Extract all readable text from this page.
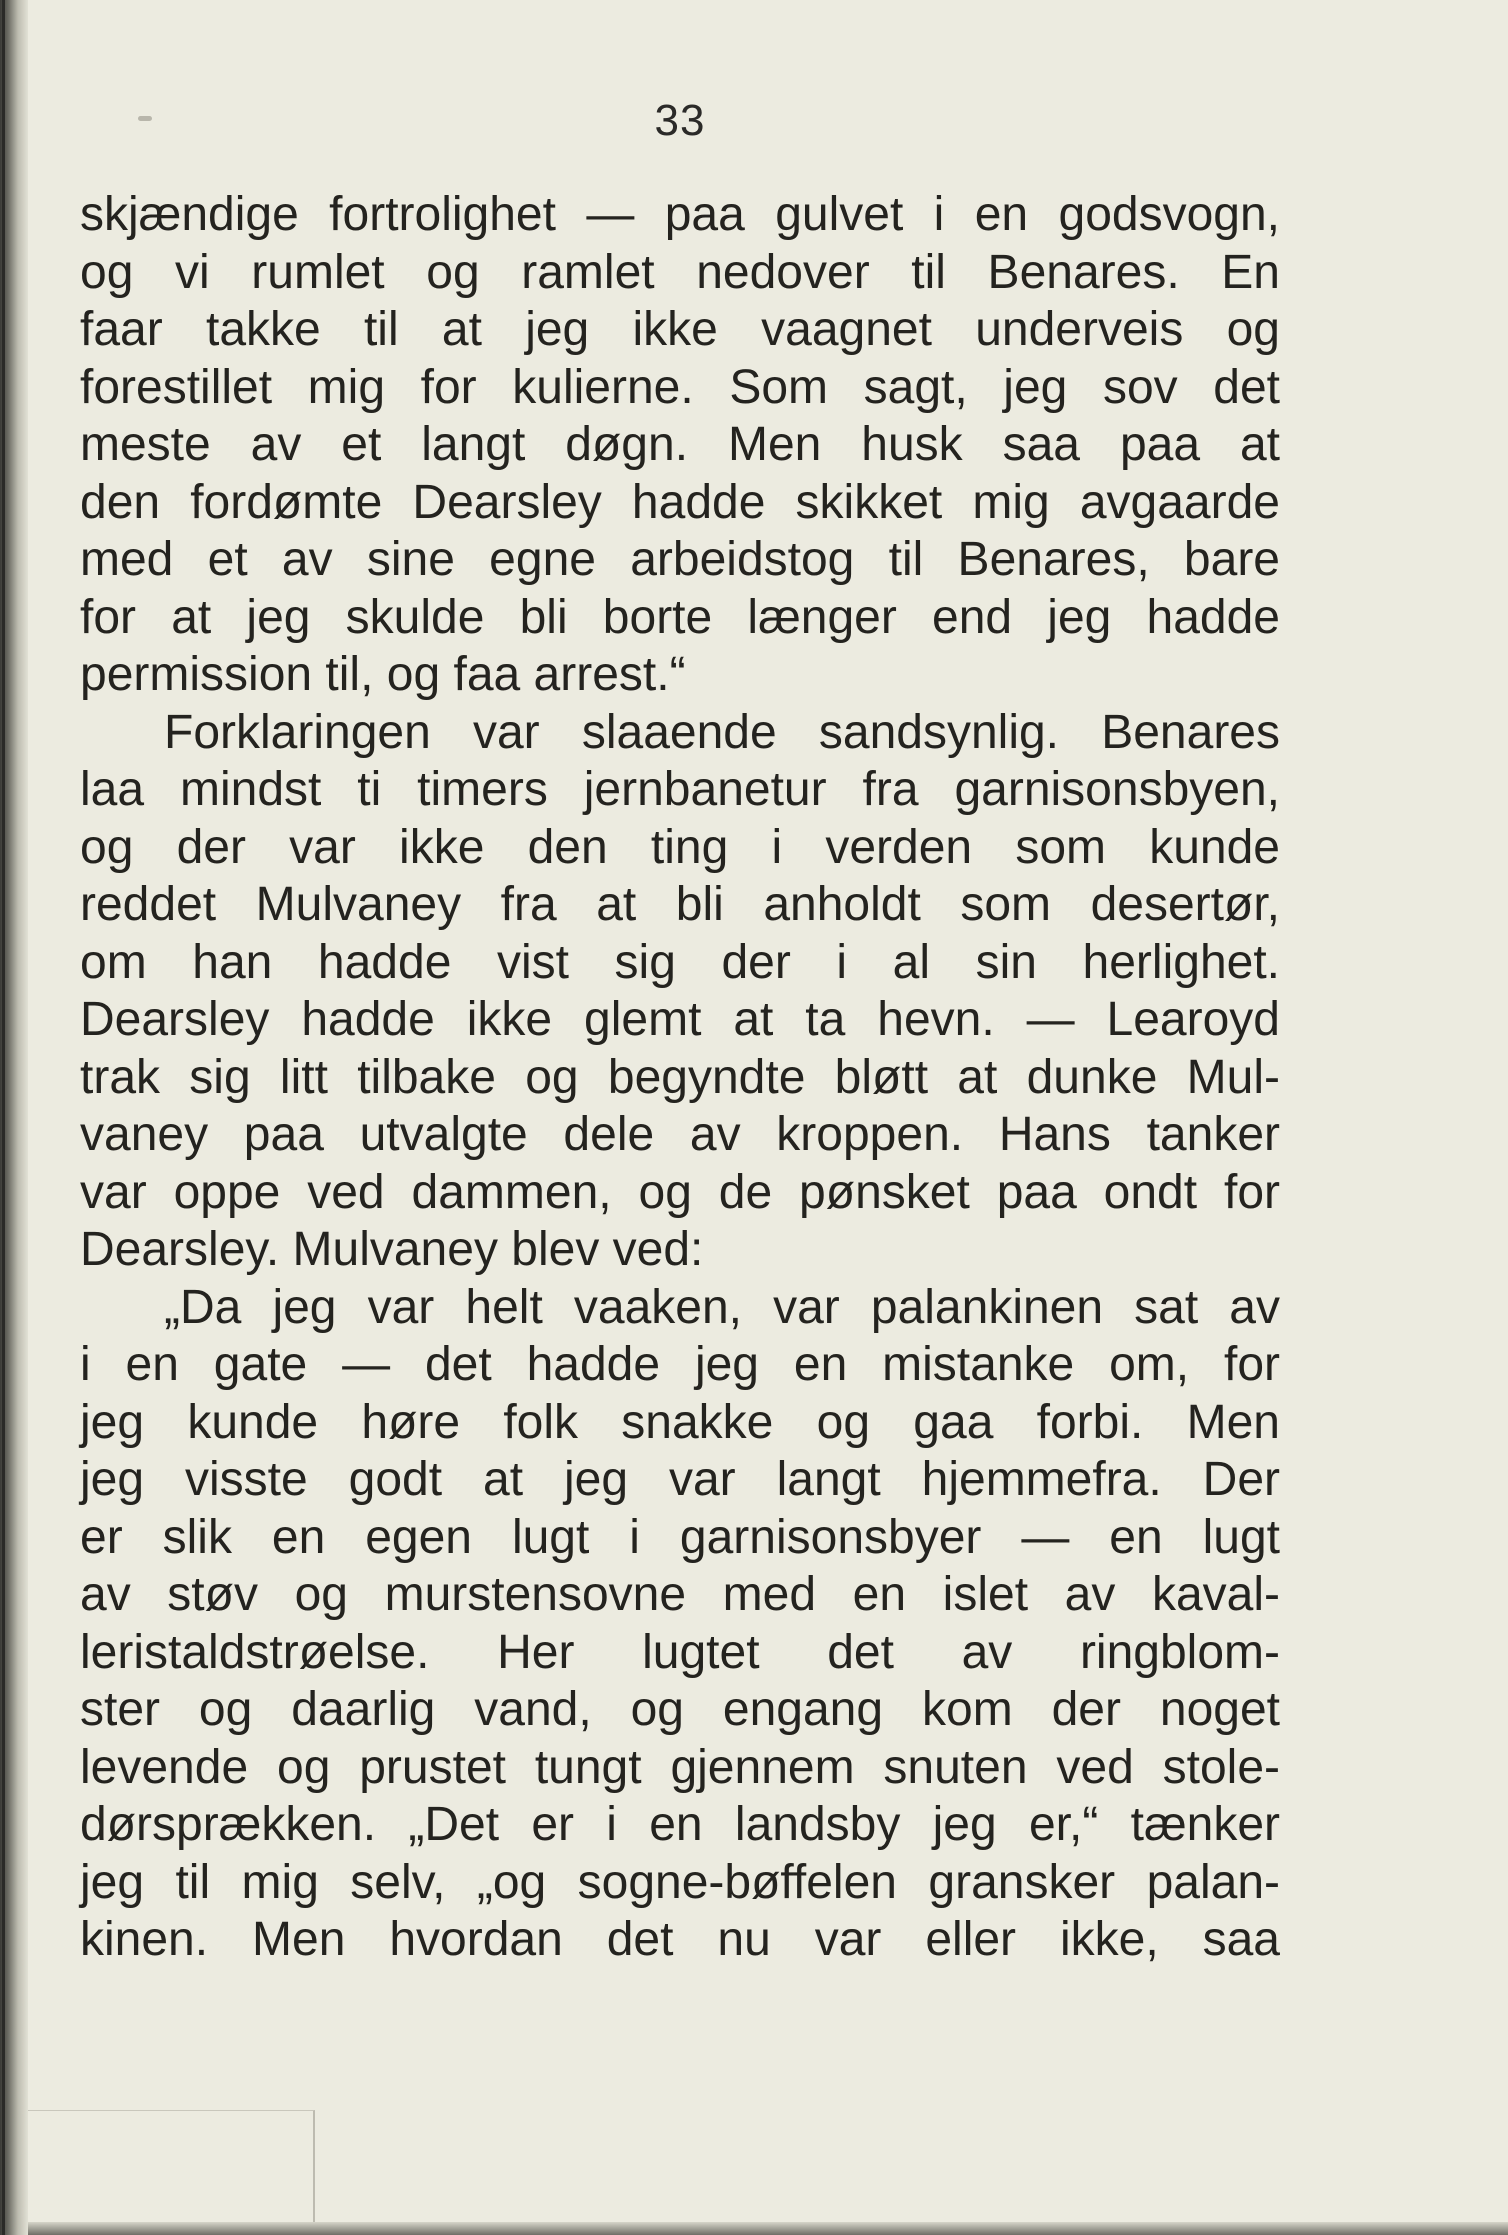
33
skjændige fortrolighet — paa gulvet i en godsvogn,
og vi rumlet og ramlet nedover til Benares. En
faar takke til at jeg ikke vaagnet underveis og
forestillet mig for kulierne. Som sagt, jeg sov det
meste av et langt døgn. Men husk saa paa at
den fordømte Dearsley hadde skikket mig avgaarde
med et av sine egne arbeidstog til Benares, bare
for at jeg skulde bli borte længer end jeg hadde
permission til, og faa arrest.“
Forklaringen var slaaende sandsynlig. Benares
laa mindst ti timers jernbanetur fra garnisonsbyen,
og der var ikke den ting i verden som kunde
reddet Mulvaney fra at bli anholdt som desertør,
om han hadde vist sig der i al sin herlighet.
Dearsley hadde ikke glemt at ta hevn. — Learoyd
trak sig litt tilbake og begyndte bløtt at dunke Mul-
vaney paa utvalgte dele av kroppen. Hans tanker
var oppe ved dammen, og de pønsket paa ondt for
Dearsley. Mulvaney blev ved:
„Da jeg var helt vaaken, var palankinen sat av
i en gate — det hadde jeg en mistanke om, for
jeg kunde høre folk snakke og gaa forbi. Men
jeg visste godt at jeg var langt hjemmefra. Der
er slik en egen lugt i garnisonsbyer — en lugt
av støv og murstensovne med en islet av kaval-
leristaldstrøelse. Her lugtet det av ringblom-
ster og daarlig vand, og engang kom der noget
levende og prustet tungt gjennem snuten ved stole-
dørsprækken. „Det er i en landsby jeg er,“ tænker
jeg til mig selv, „og sogne-bøffelen gransker palan-
kinen. Men hvordan det nu var eller ikke, saa
